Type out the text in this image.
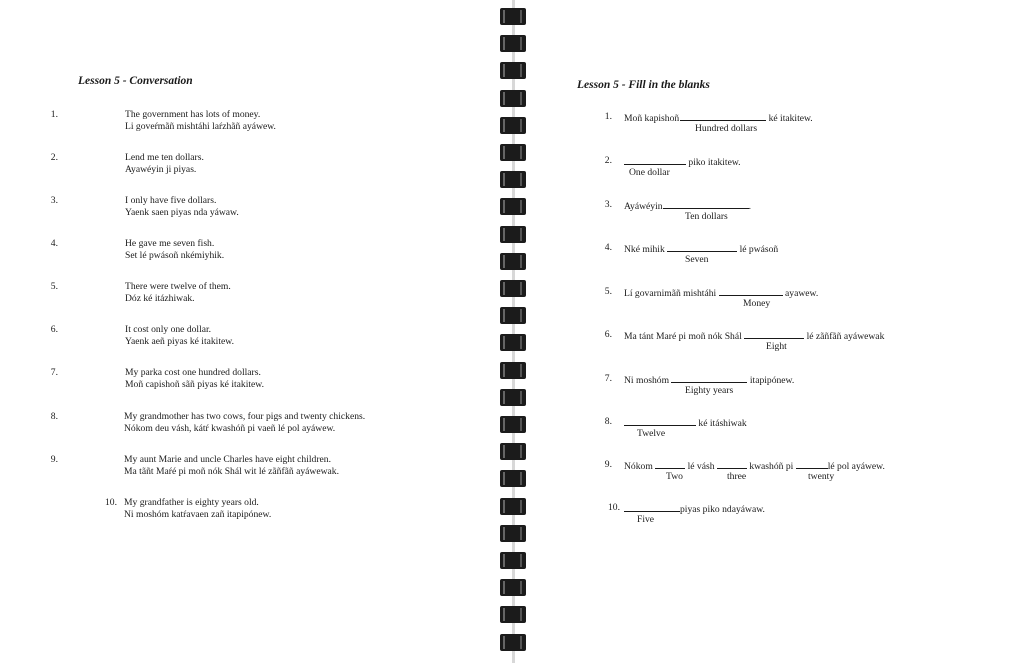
Lesson 5 - Conversation
1.	The government has lots of money.
Li goveŕmãñ mishtáhi laŕzhãñ ayáwew.
2.	Lend me ten dollars.
Ayawéyin ji piyas.
3.	I only have five dollars.
Yaenk saen piyas nda yáwaw.
4.	He gave me seven fish.
Set lé pwásoñ nkémiyhik.
5.	There were twelve of them.
Dóz ké itázhiwak.
6.	It cost only one dollar.
Yaenk aeñ piyas ké itakitew.
7.	My parka cost one hundred dollars.
Moñ capishoñ sãñ piyas ké itakitew.
8.	My grandmother has two cows, four pigs and twenty chickens.
Nókom deu vásh, kátŕ kwashóñ pi vaeñ lé pol ayáwew.
9.	My aunt Marie and uncle Charles have eight children.
Ma tãñt Maŕé pi moñ nók Shál wit lé zãñfãñ ayáwewak.
10. My grandfather is eighty years old.
Ni moshóm katŕavaen zañ itapipónew.
Lesson 5 - Fill in the blanks
1. Moñ kapishoñ	ké itakitew.
Hundred dollars
2.	piko itakitew.
One dollar
3. Ayáwéyin	.
Ten dollars
4. Nké mihik	lé pwásoñ
Seven
5. Lí govarnimãñ mishtáhi	ayawew.
Money
6. Ma tánt Maré pi moñ nók Shál	lé zãñfãñ ayáwewak
Eight
7. Ni moshóm	itapipónew.
Eighty years
8.	ké itáshiwak
Twelve
9. Nókom	lé vásh	kwashóñ pi	lé pol ayáwew.
Two	three	twenty
10.	piyas piko ndayáwaw.
Five
